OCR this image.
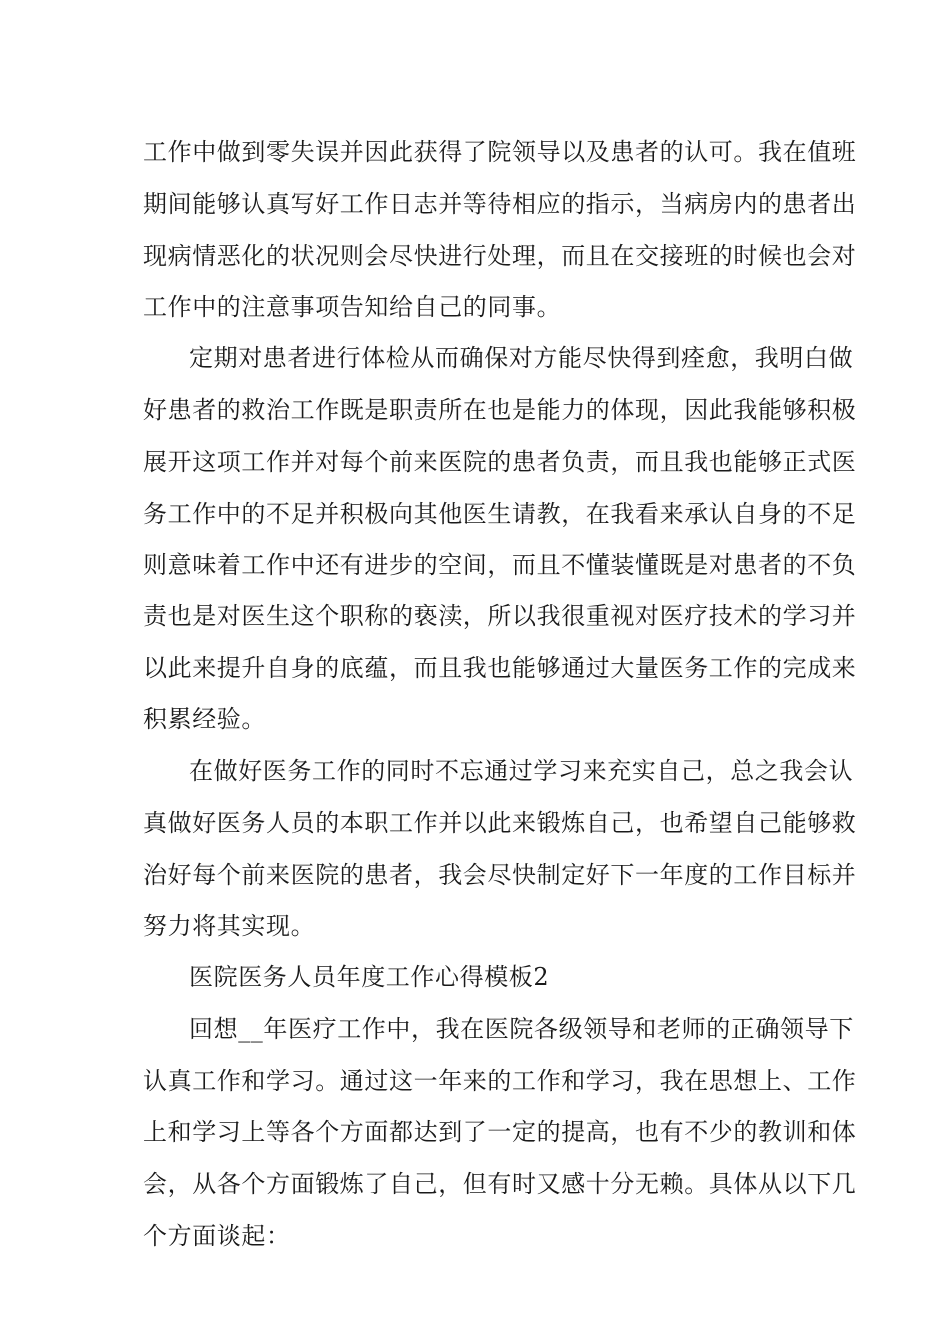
工作中做到零失误并因此获得了院领导以及患者的认可。我在值班
期间能够认真写好工作日志并等待相应的指示，当病房内的患者出
现病情恶化的状况则会尽快进行处理，而且在交接班的时候也会对
工作中的注意事项告知给自己的同事。
定期对患者进行体检从而确保对方能尽快得到痊愈，我明白做
好患者的救治工作既是职责所在也是能力的体现，因此我能够积极
展开这项工作并对每个前来医院的患者负责，而且我也能够正式医
务工作中的不足并积极向其他医生请教，在我看来承认自身的不足
则意味着工作中还有进步的空间，而且不懂装懂既是对患者的不负
责也是对医生这个职称的亵渎，所以我很重视对医疗技术的学习并
以此来提升自身的底蕴，而且我也能够通过大量医务工作的完成来
积累经验。
在做好医务工作的同时不忘通过学习来充实自己，总之我会认
真做好医务人员的本职工作并以此来锻炼自己，也希望自己能够救
治好每个前来医院的患者，我会尽快制定好下一年度的工作目标并
努力将其实现。
医院医务人员年度工作心得模板2
回想__年医疗工作中，我在医院各级领导和老师的正确领导下
认真工作和学习。通过这一年来的工作和学习，我在思想上、工作
上和学习上等各个方面都达到了一定的提高，也有不少的教训和体
会，从各个方面锻炼了自己，但有时又感十分无赖。具体从以下几
个方面谈起：
